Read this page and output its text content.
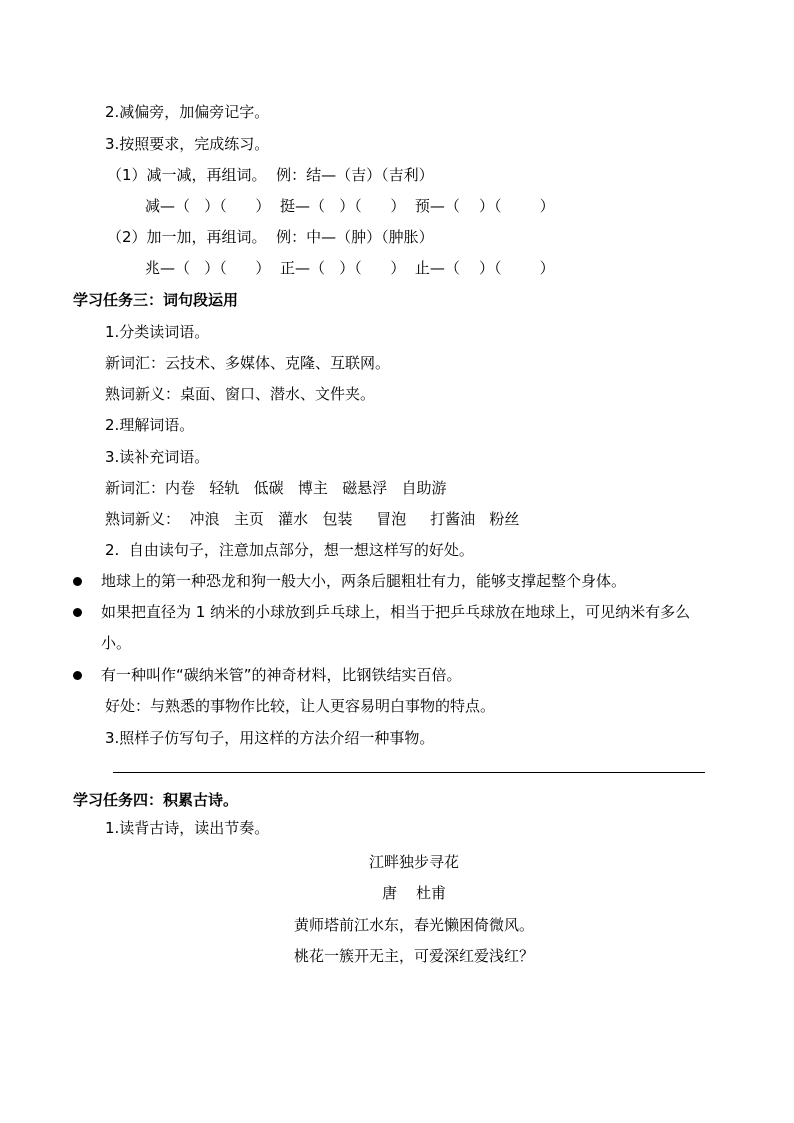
2.减偏旁，加偏旁记字。
3.按照要求，完成练习。
（1）减一减，再组词。  例：结—（吉）（吉利）
减—（   ）（      ）  挺—（   ）（      ）  预—（    ）（        ）
（2）加一加，再组词。  例：中—（肿）（肿胀）
兆—（   ）（      ）  正—（   ）（      ）  止—（    ）（        ）
学习任务三：词句段运用
1.分类读词语。
新词汇：云技术、多媒体、克隆、互联网。
熟词新义：桌面、窗口、潜水、文件夹。
2.理解词语。
3.读补充词语。
新词汇：内卷   轻轨   低碳   博主   磁悬浮   自助游
熟词新义：  冲浪   主页   灌水   包装     冒泡     打酱油   粉丝
2.  自由读句子，注意加点部分，想一想这样写的好处。
地球上的第一种恐龙和狗一般大小，两条后腿粗壮有力，能够支撑起整个身体。
如果把直径为 1 纳米的小球放到乒乓球上，相当于把乒乓球放在地球上，可见纳米有多么
小。
有一种叫作“碳纳米管”的神奇材料，比钢铁结实百倍。
好处：与熟悉的事物作比较，让人更容易明白事物的特点。
3.照样子仿写句子，用这样的方法介绍一种事物。
学习任务四：积累古诗。
1.读背古诗，读出节奏。
江畔独步寻花
唐    杜甫
黄师塔前江水东，春光懒困倚微风。
桃花一簇开无主，可爱深红爱浅红？
